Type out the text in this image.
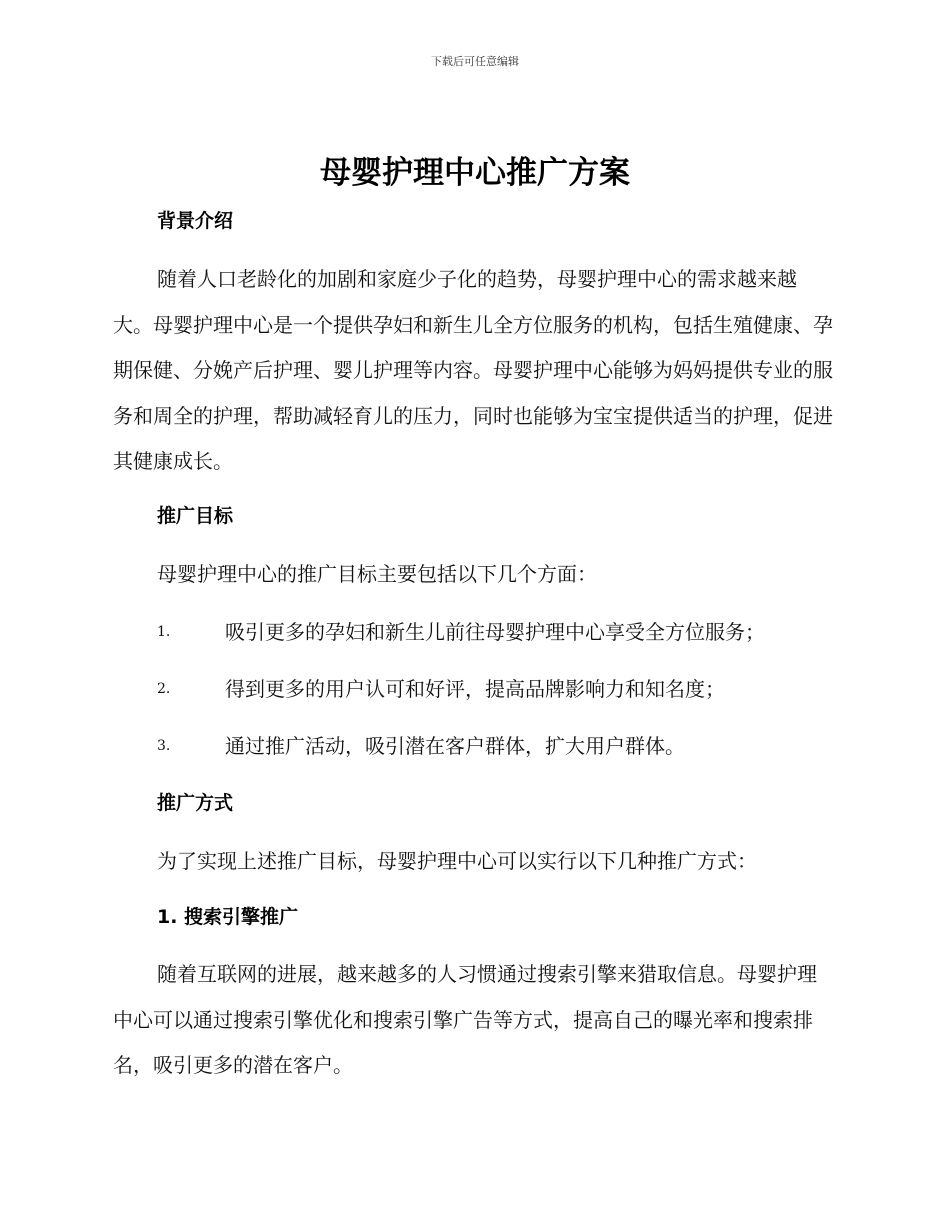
下载后可任意编辑
母婴护理中心推广方案
背景介绍

随着人口老龄化的加剧和家庭少子化的趋势，母婴护理中心的需求越来越大。母婴护理中心是一个提供孕妇和新生儿全方位服务的机构，包括生殖健康、孕期保健、分娩产后护理、婴儿护理等内容。母婴护理中心能够为妈妈提供专业的服务和周全的护理，帮助减轻育儿的压力，同时也能够为宝宝提供适当的护理，促进其健康成长。

推广目标

母婴护理中心的推广目标主要包括以下几个方面：

1.	吸引更多的孕妇和新生儿前往母婴护理中心享受全方位服务；
2.	得到更多的用户认可和好评，提高品牌影响力和知名度；
3.	通过推广活动，吸引潜在客户群体，扩大用户群体。
推广方式

为了实现上述推广目标，母婴护理中心可以实行以下几种推广方式：

1. 搜索引擎推广

随着互联网的进展，越来越多的人习惯通过搜索引擎来猎取信息。母婴护理中心可以通过搜索引擎优化和搜索引擎广告等方式，提高自己的曝光率和搜索排名，吸引更多的潜在客户。
